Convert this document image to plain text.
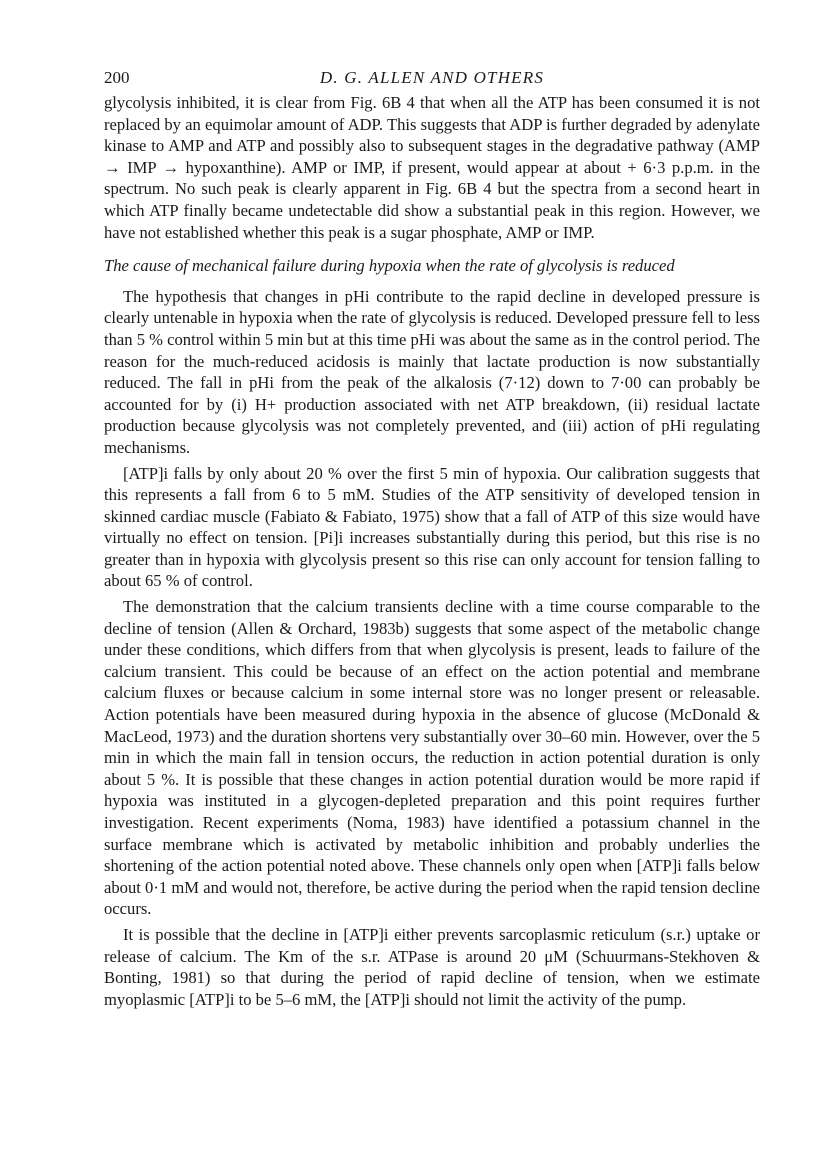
200	D. G. ALLEN AND OTHERS

glycolysis inhibited, it is clear from Fig. 6B 4 that when all the ATP has been consumed it is not replaced by an equimolar amount of ADP. This suggests that ADP is further degraded by adenylate kinase to AMP and ATP and possibly also to subsequent stages in the degradative pathway (AMP → IMP → hypoxanthine). AMP or IMP, if present, would appear at about + 6·3 p.p.m. in the spectrum. No such peak is clearly apparent in Fig. 6B 4 but the spectra from a second heart in which ATP finally became undetectable did show a substantial peak in this region. However, we have not established whether this peak is a sugar phosphate, AMP or IMP.

The cause of mechanical failure during hypoxia when the rate of glycolysis is reduced

The hypothesis that changes in pHi contribute to the rapid decline in developed pressure is clearly untenable in hypoxia when the rate of glycolysis is reduced. Developed pressure fell to less than 5 % control within 5 min but at this time pHi was about the same as in the control period. The reason for the much-reduced acidosis is mainly that lactate production is now substantially reduced. The fall in pHi from the peak of the alkalosis (7·12) down to 7·00 can probably be accounted for by (i) H+ production associated with net ATP breakdown, (ii) residual lactate production because glycolysis was not completely prevented, and (iii) action of pHi regulating mechanisms.

[ATP]i falls by only about 20 % over the first 5 min of hypoxia. Our calibration suggests that this represents a fall from 6 to 5 mM. Studies of the ATP sensitivity of developed tension in skinned cardiac muscle (Fabiato & Fabiato, 1975) show that a fall of ATP of this size would have virtually no effect on tension. [Pi]i increases substantially during this period, but this rise is no greater than in hypoxia with glycolysis present so this rise can only account for tension falling to about 65 % of control.

The demonstration that the calcium transients decline with a time course comparable to the decline of tension (Allen & Orchard, 1983b) suggests that some aspect of the metabolic change under these conditions, which differs from that when glycolysis is present, leads to failure of the calcium transient. This could be because of an effect on the action potential and membrane calcium fluxes or because calcium in some internal store was no longer present or releasable. Action potentials have been measured during hypoxia in the absence of glucose (McDonald & MacLeod, 1973) and the duration shortens very substantially over 30–60 min. However, over the 5 min in which the main fall in tension occurs, the reduction in action potential duration is only about 5 %. It is possible that these changes in action potential duration would be more rapid if hypoxia was instituted in a glycogen-depleted preparation and this point requires further investigation. Recent experiments (Noma, 1983) have identified a potassium channel in the surface membrane which is activated by metabolic inhibition and probably underlies the shortening of the action potential noted above. These channels only open when [ATP]i falls below about 0·1 mM and would not, therefore, be active during the period when the rapid tension decline occurs.

It is possible that the decline in [ATP]i either prevents sarcoplasmic reticulum (s.r.) uptake or release of calcium. The Km of the s.r. ATPase is around 20 μM (Schuurmans-Stekhoven & Bonting, 1981) so that during the period of rapid decline of tension, when we estimate myoplasmic [ATP]i to be 5–6 mM, the [ATP]i should not limit the activity of the pump.
